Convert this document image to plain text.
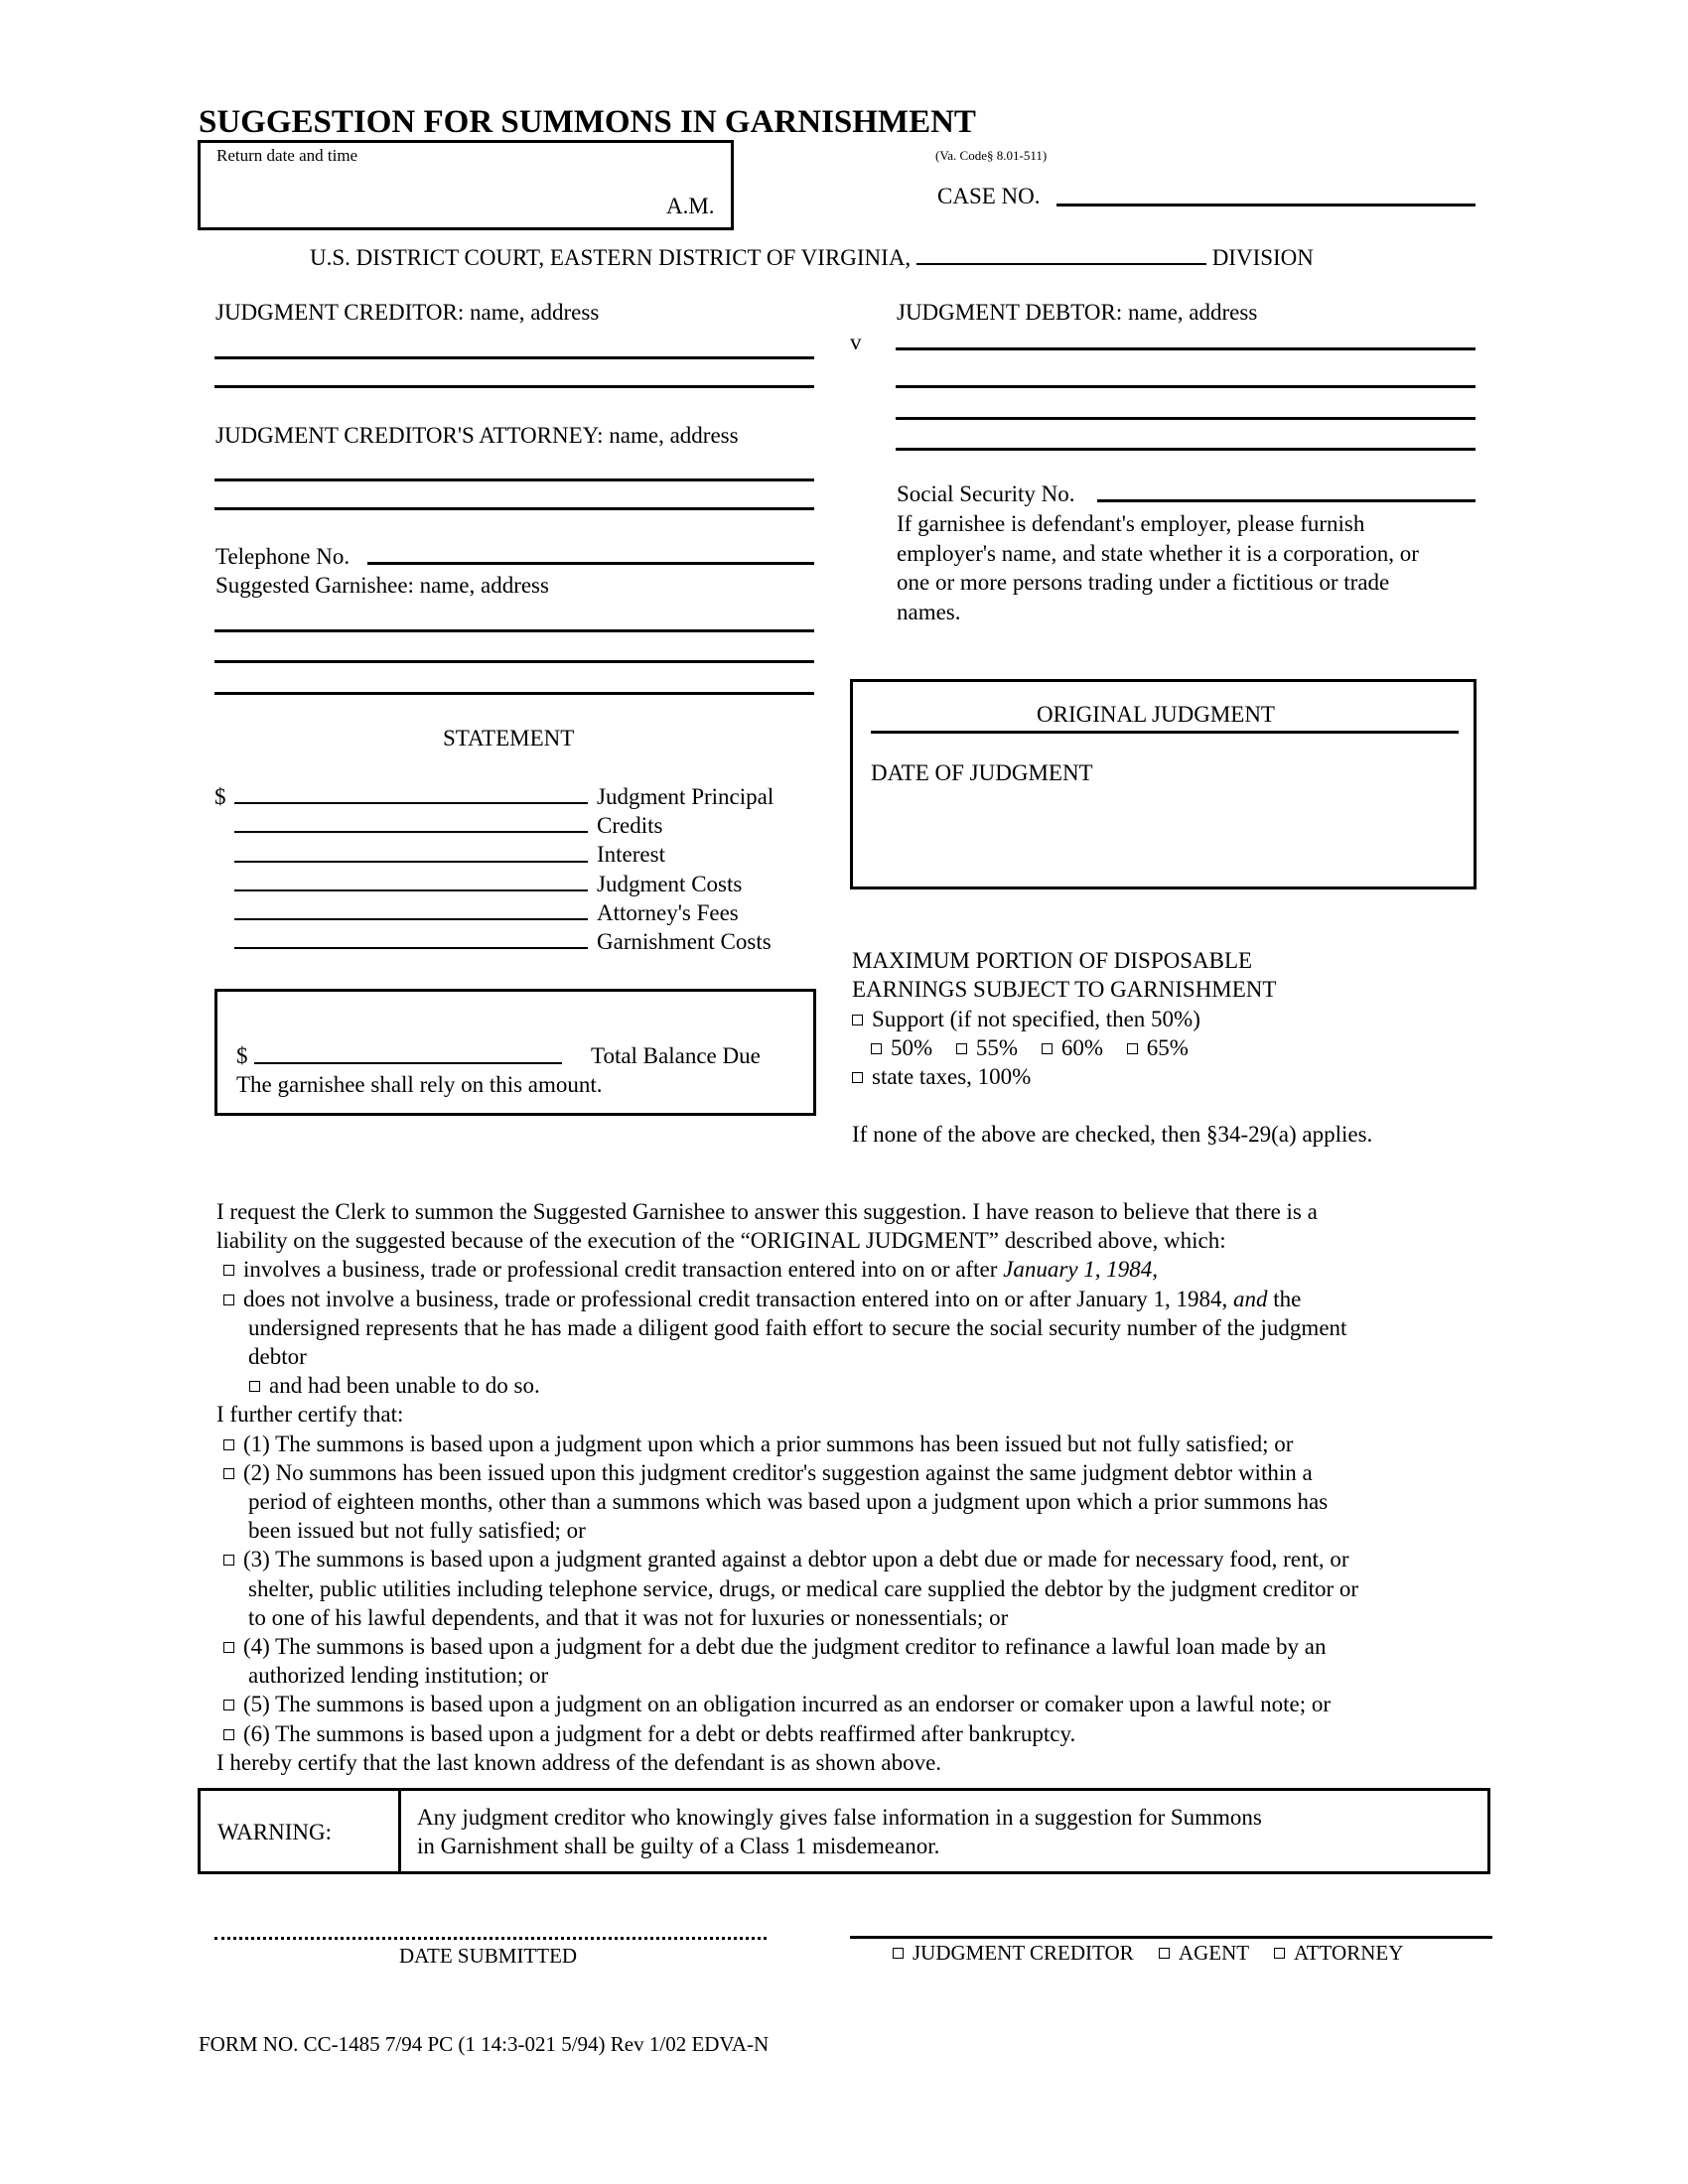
SUGGESTION FOR SUMMONS IN GARNISHMENT
Return date and time
A.M.
(Va. Code§ 8.01-511)
CASE NO.
U.S. DISTRICT COURT, EASTERN DISTRICT OF VIRGINIA,	DIVISION
JUDGMENT CREDITOR: name, address
v
JUDGMENT DEBTOR: name, address
JUDGMENT CREDITOR'S ATTORNEY: name, address
Social Security No.
If garnishee is defendant's employer, please furnish
employer's name, and state whether it is a corporation, or
one or more persons trading under a fictitious or trade
names.
Telephone No.
Suggested Garnishee: name, address
STATEMENT
$	Judgment Principal
Credits
Interest
Judgment Costs
Attorney's Fees
Garnishment Costs
$	Total Balance Due
The garnishee shall rely on this amount.
ORIGINAL JUDGMENT
DATE OF JUDGMENT
MAXIMUM PORTION OF DISPOSABLE
EARNINGS SUBJECT TO GARNISHMENT
Support (if not specified, then 50%)
50% 55% 60% 65%
state taxes, 100%
If none of the above are checked, then §34-29(a) applies.
I request the Clerk to summon the Suggested Garnishee to answer this suggestion. I have reason to believe that there is a
liability on the suggested because of the execution of the “ORIGINAL JUDGMENT” described above, which:
involves a business, trade or professional credit transaction entered into on or after January 1, 1984,
does not involve a business, trade or professional credit transaction entered into on or after January 1, 1984, and the
undersigned represents that he has made a diligent good faith effort to secure the social security number of the judgment
debtor
and had been unable to do so.
I further certify that:
(1) The summons is based upon a judgment upon which a prior summons has been issued but not fully satisfied; or
(2) No summons has been issued upon this judgment creditor's suggestion against the same judgment debtor within a
period of eighteen months, other than a summons which was based upon a judgment upon which a prior summons has
been issued but not fully satisfied; or
(3) The summons is based upon a judgment granted against a debtor upon a debt due or made for necessary food, rent, or
shelter, public utilities including telephone service, drugs, or medical care supplied the debtor by the judgment creditor or
to one of his lawful dependents, and that it was not for luxuries or nonessentials; or
(4) The summons is based upon a judgment for a debt due the judgment creditor to refinance a lawful loan made by an
authorized lending institution; or
(5) The summons is based upon a judgment on an obligation incurred as an endorser or comaker upon a lawful note; or
(6) The summons is based upon a judgment for a debt or debts reaffirmed after bankruptcy.
I hereby certify that the last known address of the defendant is as shown above.
WARNING:
Any judgment creditor who knowingly gives false information in a suggestion for Summons
in Garnishment shall be guilty of a Class 1 misdemeanor.
DATE SUBMITTED	JUDGMENT CREDITOR AGENT ATTORNEY
FORM NO. CC-1485 7/94 PC (1 14:3-021 5/94) Rev 1/02 EDVA-N
